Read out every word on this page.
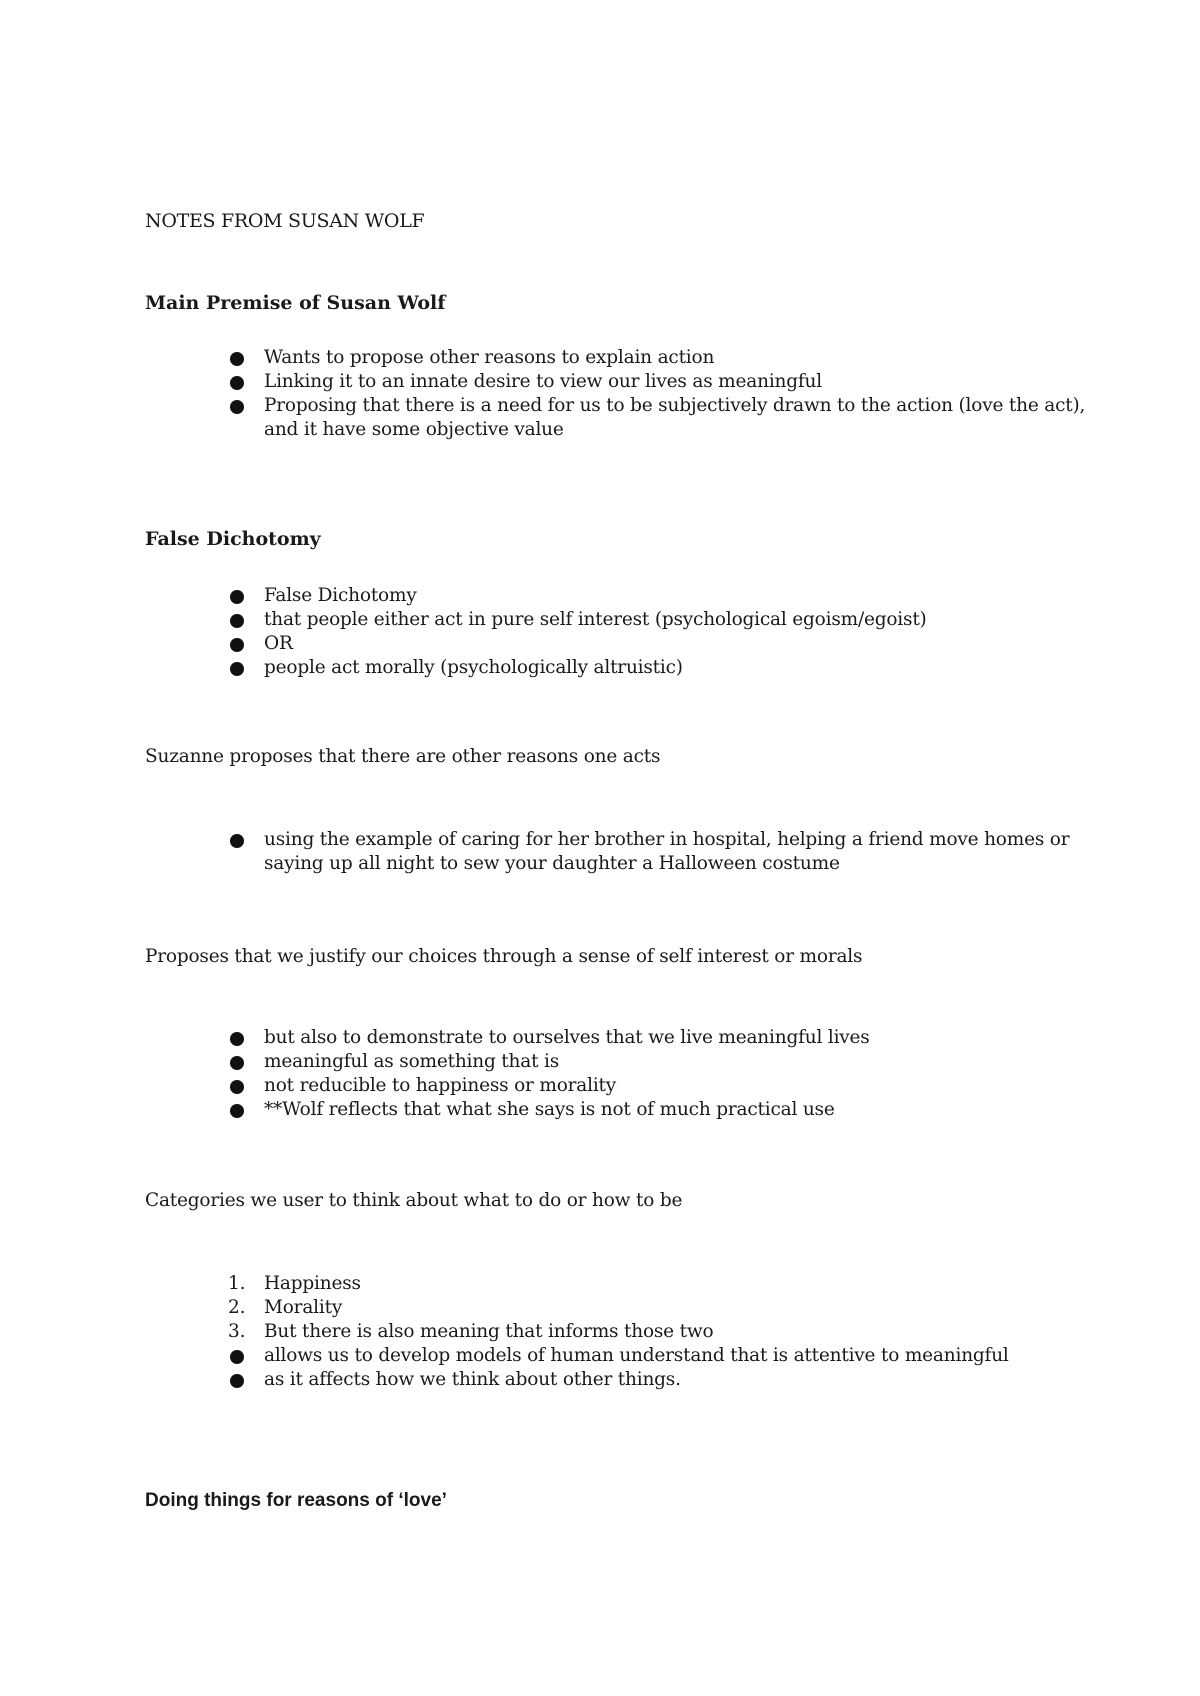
NOTES FROM SUSAN WOLF

Main Premise of Susan Wolf

Wants to propose other reasons to explain action
Linking it to an innate desire to view our lives as meaningful
Proposing that there is a need for us to be subjectively drawn to the action (love the act), and it have some objective value

False Dichotomy

False Dichotomy
that people either act in pure self interest (psychological egoism/egoist)
OR
people act morally (psychologically altruistic)

Suzanne proposes that there are other reasons one acts

using the example of caring for her brother in hospital, helping a friend move homes or saying up all night to sew your daughter a Halloween costume

Proposes that we justify our choices through a sense of self interest or morals

but also to demonstrate to ourselves that we live meaningful lives
meaningful as something that is
not reducible to happiness or morality
**Wolf reflects that what she says is not of much practical use

Categories we user to think about what to do or how to be

1.	Happiness
2.	Morality
3.	But there is also meaning that informs those two
allows us to develop models of human understand that is attentive to meaningful
as it affects how we think about other things.

Doing things for reasons of ‘love’
